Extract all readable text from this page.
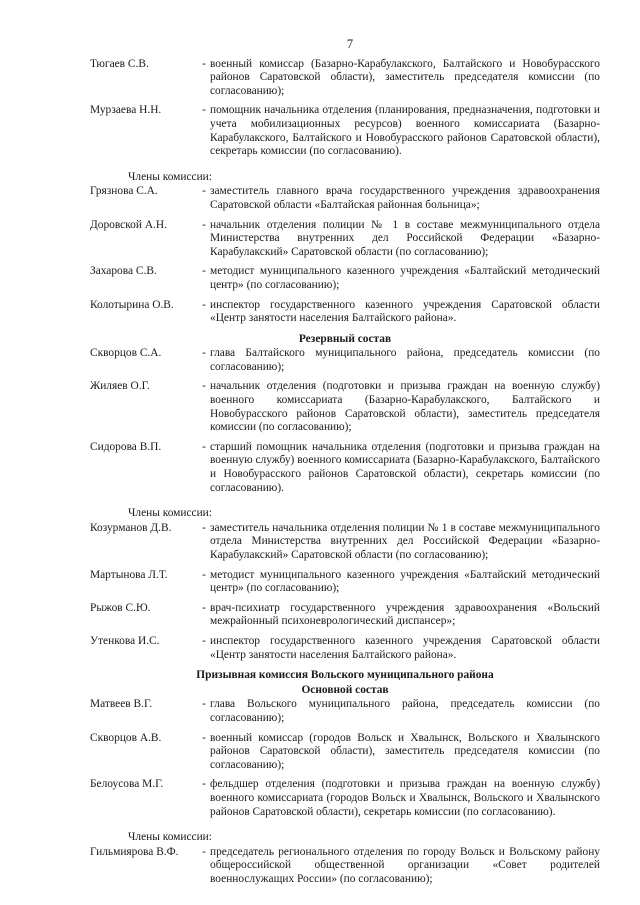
7
Тюгаев С.В.	- военный комиссар (Базарно-Карабулакского, Балтайского и Новобурасского районов Саратовской области), заместитель председателя комиссии (по согласованию);
Мурзаева Н.Н.	- помощник начальника отделения (планирования, предназначения, подготовки и учета мобилизационных ресурсов) военного комиссариата (Базарно-Карабулакского, Балтайского и Новобурасского районов Саратовской области), секретарь комиссии (по согласованию).
Члены комиссии:
Грязнова С.А.	- заместитель главного врача государственного учреждения здравоохранения Саратовской области «Балтайская районная больница»;
Доровской А.Н.	- начальник отделения полиции № 1 в составе межмуниципального отдела Министерства внутренних дел Российской Федерации «Базарно-Карабулакский» Саратовской области (по согласованию);
Захарова С.В.	- методист муниципального казенного учреждения «Балтайский методический центр» (по согласованию);
Колотырина О.В.	- инспектор государственного казенного учреждения Саратовской области «Центр занятости населения Балтайского района».
Резервный состав
Скворцов С.А.	- глава Балтайского муниципального района, председатель комиссии (по согласованию);
Жиляев О.Г.	- начальник отделения (подготовки и призыва граждан на военную службу) военного комиссариата (Базарно-Карабулакского, Балтайского и Новобурасского районов Саратовской области), заместитель председателя комиссии (по согласованию);
Сидорова В.П.	- старший помощник начальника отделения (подготовки и призыва граждан на военную службу) военного комиссариата (Базарно-Карабулакского, Балтайского и Новобурасского районов Саратовской области), секретарь комиссии (по согласованию).
Члены комиссии:
Козурманов Д.В.	- заместитель начальника отделения полиции № 1 в составе межмуниципального отдела Министерства внутренних дел Российской Федерации «Базарно-Карабулакский» Саратовской области (по согласованию);
Мартынова Л.Т.	- методист муниципального казенного учреждения «Балтайский методический центр» (по согласованию);
Рыжов С.Ю.	- врач-психиатр государственного учреждения здравоохранения «Вольский межрайонный психоневрологический диспансер»;
Утенкова И.С.	- инспектор государственного казенного учреждения Саратовской области «Центр занятости населения Балтайского района».
Призывная комиссия Вольского муниципального района
Основной состав
Матвеев В.Г.	- глава Вольского муниципального района, председатель комиссии (по согласованию);
Скворцов А.В.	- военный комиссар (городов Вольск и Хвалынск, Вольского и Хвалынского районов Саратовской области), заместитель председателя комиссии (по согласованию);
Белоусова М.Г.	- фельдшер отделения (подготовки и призыва граждан на военную службу) военного комиссариата (городов Вольск и Хвалынск, Вольского и Хвалынского районов Саратовской области), секретарь комиссии (по согласованию).
Члены комиссии:
Гильмиярова В.Ф.	- председатель регионального отделения по городу Вольск и Вольскому району общероссийской общественной организации «Совет родителей военнослужащих России» (по согласованию);
